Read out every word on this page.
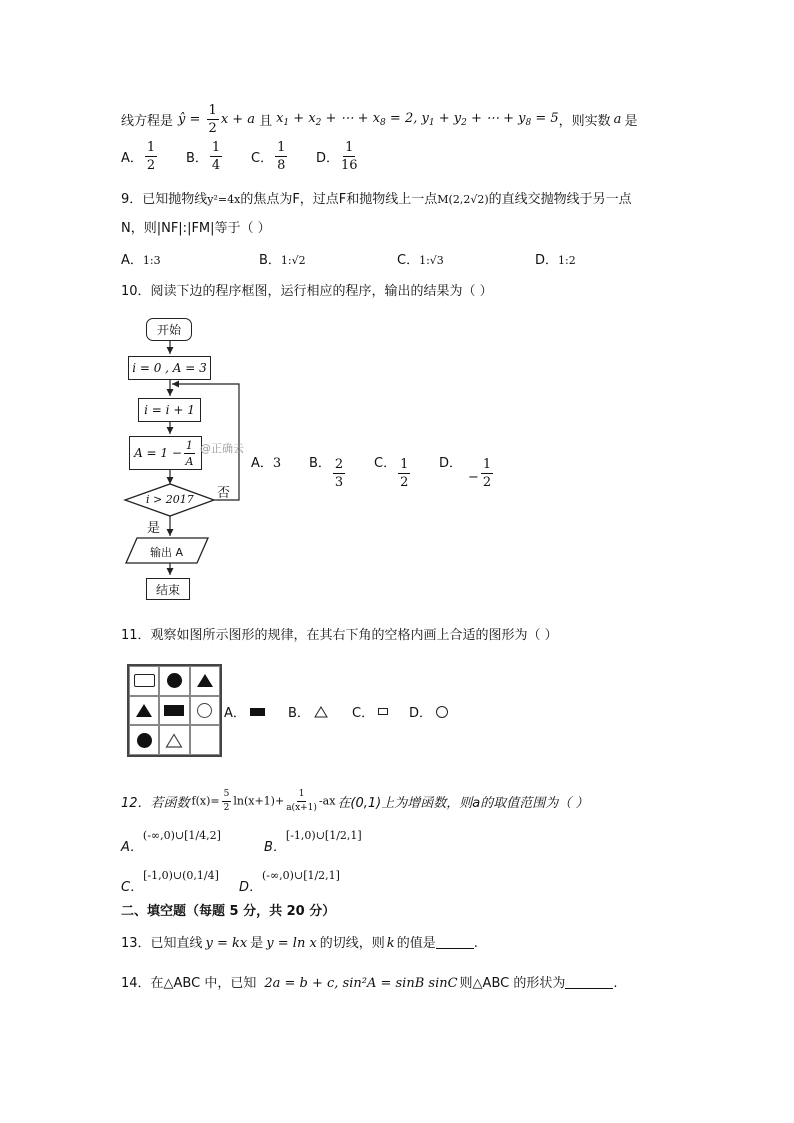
线方程是 ŷ = $\frac{1}{2}$ x + a 且 $x_1 + x_2$ + ⋯ + $x_8 = 2$, $y_1 + y_2$ + ⋯ + $y_8 = 5$ ，则实数 a 是
A． $\frac{1}{2}$ B． $\frac{1}{4}$ C． $\frac{1}{8}$ D． $\frac{1}{16}$
9．已知抛物线y²=4x的焦点为F，过点F和抛物线上一点M(2,2√2)的直线交抛物线于另一点
N，则|NF|:|FM|等于（ ）
A．1:3	B．1:√2	C．1:√3	D．1:2
10．阅读下边的程序框图，运行相应的程序，输出的结果为（ ）
开始
i = 0 , A = 3
i = i + 1
$A = 1 - \frac{1}{A}$ @正确云
i > 2017 否
是
输出 A
结束
A．3 B． $\frac{2}{3}$ C． $\frac{1}{2}$ D．
− $\frac{1}{2}$
11．观察如图所示图形的规律，在其右下角的空格内画上合适的图形为（ ）
A．	B．	C．	D．
12．若函数 $f(x)= \frac{5}{2} \ln(x+1)+ \frac{1}{a(x+1)} -ax$ 在(0,1)上为增函数，则a的取值范围为（ ）
A．
(-∞,0)∪[1/4,2]
B．
[-1,0)∪[1/2,1]
C．
[-1,0)∪(0,1/4]
D．
(-∞,0)∪[1/2,1]
二、填空题（每题 5 分，共 20 分）
13．已知直线 y = kx 是 y = ln x 的切线，则 k 的值是	.
14．在△ABC 中，已知 2a = b + c, sin²A = sinB sinC 则△ABC 的形状为	.
